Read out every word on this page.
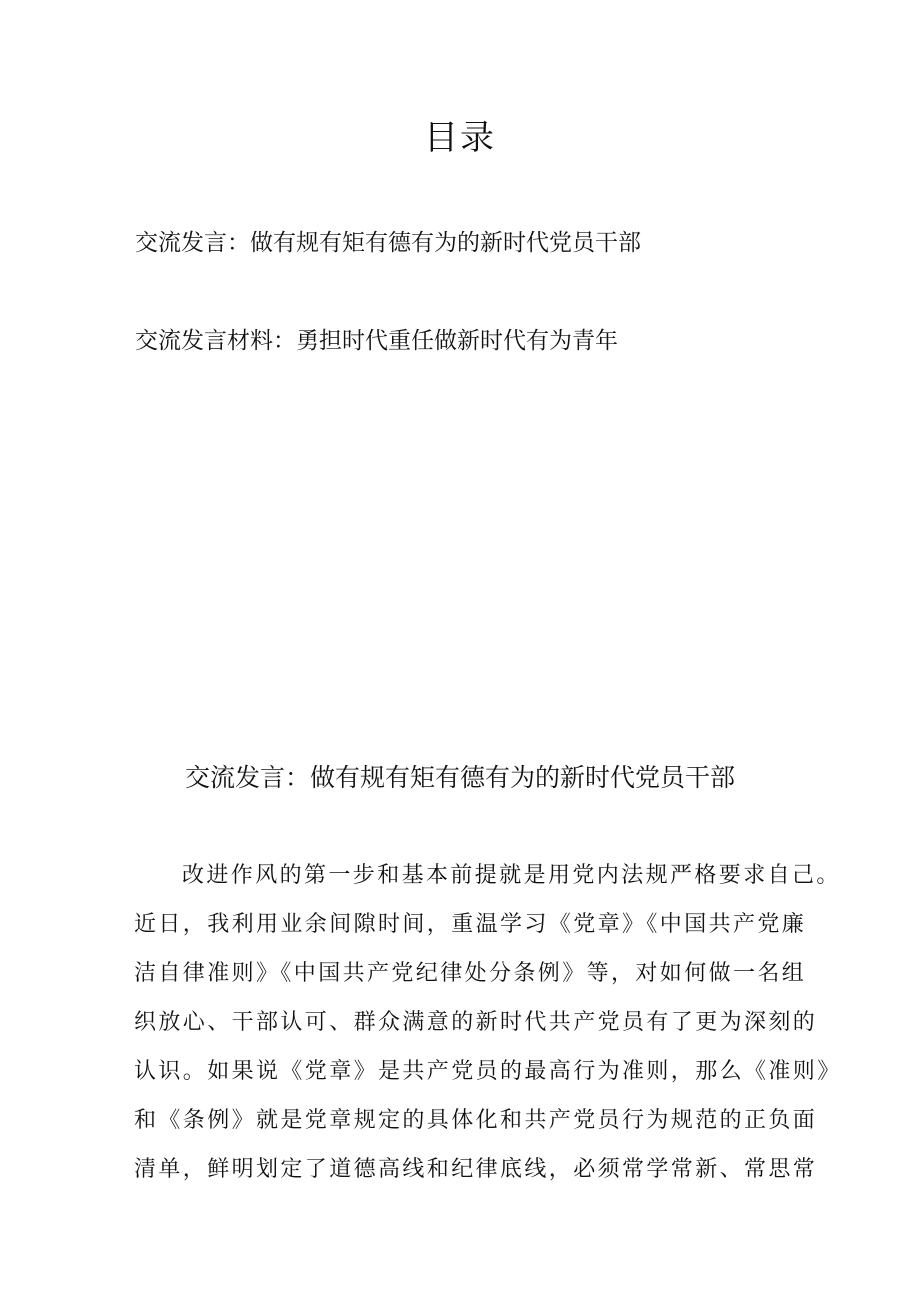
目录
交流发言：做有规有矩有德有为的新时代党员干部
交流发言材料：勇担时代重任做新时代有为青年
交流发言：做有规有矩有德有为的新时代党员干部
改进作风的第一步和基本前提就是用党内法规严格要求自己。
近日，我利用业余间隙时间，重温学习《党章》《中国共产党廉
洁自律准则》《中国共产党纪律处分条例》等，对如何做一名组
织放心、干部认可、群众满意的新时代共产党员有了更为深刻的
认识。如果说《党章》是共产党员的最高行为准则，那么《准则》
和《条例》就是党章规定的具体化和共产党员行为规范的正负面
清单，鲜明划定了道德高线和纪律底线，必须常学常新、常思常
